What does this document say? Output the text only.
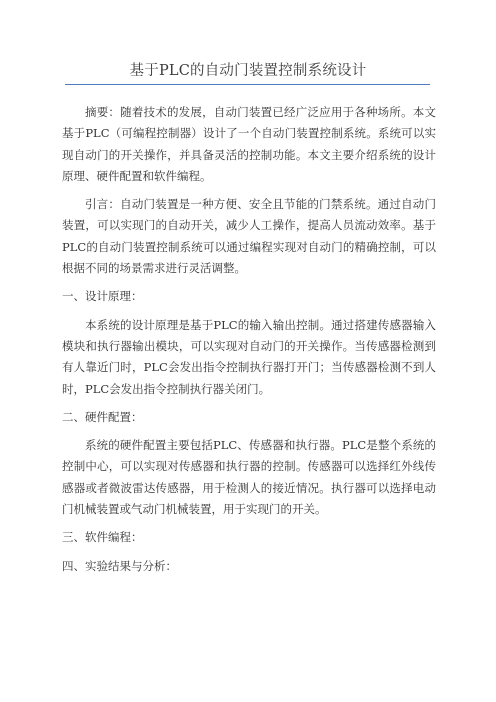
基于PLC的自动门装置控制系统设计

摘要：随着技术的发展，自动门装置已经广泛应用于各种场所。本文基于PLC（可编程控制器）设计了一个自动门装置控制系统。系统可以实现自动门的开关操作，并具备灵活的控制功能。本文主要介绍系统的设计原理、硬件配置和软件编程。

引言：自动门装置是一种方便、安全且节能的门禁系统。通过自动门装置，可以实现门的自动开关，减少人工操作，提高人员流动效率。基于PLC的自动门装置控制系统可以通过编程实现对自动门的精确控制，可以根据不同的场景需求进行灵活调整。

一、设计原理：

本系统的设计原理是基于PLC的输入输出控制。通过搭建传感器输入模块和执行器输出模块，可以实现对自动门的开关操作。当传感器检测到有人靠近门时，PLC会发出指令控制执行器打开门；当传感器检测不到人时，PLC会发出指令控制执行器关闭门。

二、硬件配置：

系统的硬件配置主要包括PLC、传感器和执行器。PLC是整个系统的控制中心，可以实现对传感器和执行器的控制。传感器可以选择红外线传感器或者微波雷达传感器，用于检测人的接近情况。执行器可以选择电动门机械装置或气动门机械装置，用于实现门的开关。

三、软件编程：

四、实验结果与分析：
